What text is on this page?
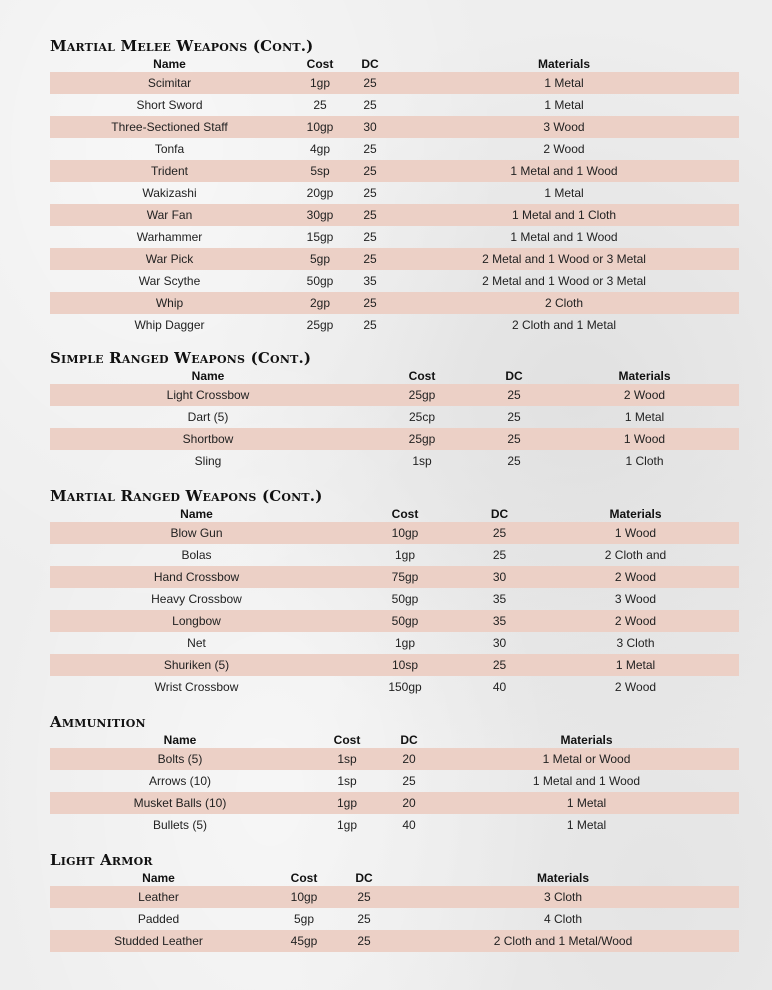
Martial Melee Weapons (Cont.)
Name	Cost	DC	Materials
Scimitar	1gp	25	1 Metal
Short Sword	25	25	1 Metal
Three-Sectioned Staff	10gp	30	3 Wood
Tonfa	4gp	25	2 Wood
Trident	5sp	25	1 Metal and 1 Wood
Wakizashi	20gp	25	1 Metal
War Fan	30gp	25	1 Metal and 1 Cloth
Warhammer	15gp	25	1 Metal and 1 Wood
War Pick	5gp	25	2 Metal and 1 Wood or 3 Metal
War Scythe	50gp	35	2 Metal and 1 Wood or 3 Metal
Whip	2gp	25	2 Cloth
Whip Dagger	25gp	25	2 Cloth and 1 Metal
Simple Ranged Weapons (Cont.)
Name	Cost	DC	Materials
Light Crossbow	25gp	25	2 Wood
Dart (5)	25cp	25	1 Metal
Shortbow	25gp	25	1 Wood
Sling	1sp	25	1 Cloth
Martial Ranged Weapons (Cont.)
Name	Cost	DC	Materials
Blow Gun	10gp	25	1 Wood
Bolas	1gp	25	2 Cloth and
Hand Crossbow	75gp	30	2 Wood
Heavy Crossbow	50gp	35	3 Wood
Longbow	50gp	35	2 Wood
Net	1gp	30	3 Cloth
Shuriken (5)	10sp	25	1 Metal
Wrist Crossbow	150gp	40	2 Wood
Ammunition
Name	Cost	DC	Materials
Bolts (5)	1sp	20	1 Metal or Wood
Arrows (10)	1sp	25	1 Metal and 1 Wood
Musket Balls (10)	1gp	20	1 Metal
Bullets (5)	1gp	40	1 Metal
Light Armor
Name	Cost	DC	Materials
Leather	10gp	25	3 Cloth
Padded	5gp	25	4 Cloth
Studded Leather	45gp	25	2 Cloth and 1 Metal/Wood
